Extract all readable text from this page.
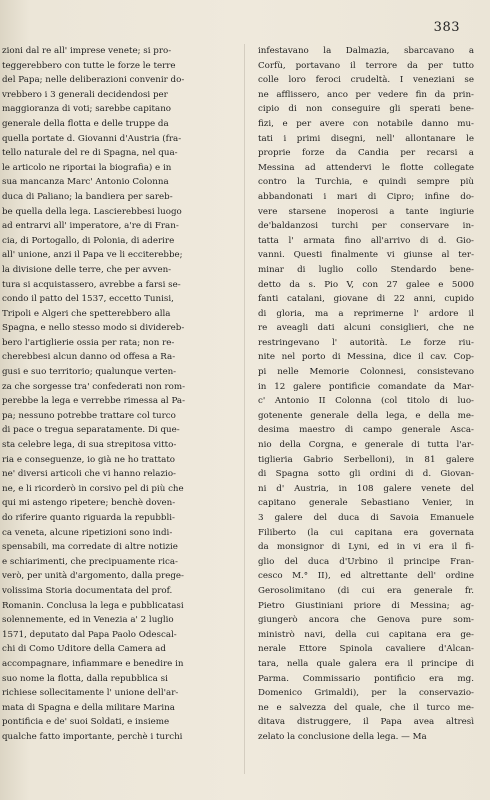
383
zioni dal re all' imprese venete; si pro-
teggerebbero con tutte le forze le terre
del Papa; nelle deliberazioni convenir do-
vrebbero i 3 generali decidendosi per
maggioranza di voti; sarebbe capitano
generale della flotta e delle truppe da
quella portate d. Giovanni d'Austria (fra-
tello naturale del re di Spagna, nel qua-
le articolo ne riportai la biografia) e in
sua mancanza Marc' Antonio Colonna
duca di Paliano; la bandiera per sareb-
be quella della lega. Lascierebbesi luogo
ad entrarvi all' imperatore, a're di Fran-
cia, di Portogallo, di Polonia, di aderire
all' unione, anzi il Papa ve li ecciterebbe;
la divisione delle terre, che per avven-
tura si acquistassero, avrebbe a farsi se-
condo il patto del 1537, eccetto Tunisi,
Tripoli e Algeri che spetterebbero alla
Spagna, e nello stesso modo si dividereb-
bero l'artiglierie ossia per rata; non re-
cherebbesi alcun danno od offesa a Ra-
gusi e suo territorio; qualunque verten-
za che sorgesse tra' confederati non rom-
perebbe la lega e verrebbe rimessa al Pa-
pa; nessuno potrebbe trattare col turco
di pace o tregua separatamente. Di que-
sta celebre lega, di sua strepitosa vitto-
ria e conseguenze, io già ne ho trattato
ne' diversi articoli che vi hanno relazio-
ne, e li ricorderò in corsivo pel di più che
qui mi astengo ripetere; benchè doven-
do riferire quanto riguarda la repubbli-
ca veneta, alcune ripetizioni sono indi-
spensabili, ma corredate di altre notizie
e schiarimenti, che precipuamente rica-
verò, per unità d'argomento, dalla prege-
volissima Storia documentata del prof.
Romanin. Conclusa la lega e pubblicatasi
solennemente, ed in Venezia a' 2 luglio
1571, deputato dal Papa Paolo Odescal-
chi di Como Uditore della Camera ad
accompagnare, infiammare e benedire in
suo nome la flotta, dalla repubblica si
richiese sollecitamente l' unione dell'ar-
mata di Spagna e della militare Marina
pontificia e de' suoi Soldati, e insieme
qualche fatto importante, perchè i turchi
infestavano la Dalmazia, sbarcavano a
Corfù, portavano il terrore da per tutto
colle loro feroci crudeltà. I veneziani se
ne afflissero, anco per vedere fin da prin-
cipio di non conseguire gli sperati bene-
fizi, e per avere con notabile danno mu-
tati i primi disegni, nell' allontanare le
proprie forze da Candia per recarsi a
Messina ad attendervi le flotte collegate
contro la Turchia, e quindi sempre più
abbandonati i mari di Cipro; infine do-
vere starsene inoperosi a tante ingiurie
de'baldanzosi turchi per conservare in-
tatta l' armata fino all'arrivo di d. Gio-
vanni. Questi finalmente vi giunse al ter-
minar di luglio collo Stendardo bene-
detto da s. Pio V, con 27 galee e 5000
fanti catalani, giovane di 22 anni, cupido
di gloria, ma a reprimerne l' ardore il
re aveagli dati alcuni consiglieri, che ne
restringevano l' autorità. Le forze riu-
nite nel porto di Messina, dice il cav. Cop-
pi nelle Memorie Colonnesi, consistevano
in 12 galere pontificie comandate da Mar-
c' Antonio II Colonna (col titolo di luo-
gotenente generale della lega, e della me-
desima maestro di campo generale Asca-
nio della Corgna, e generale di tutta l'ar-
tiglieria Gabrio Serbelloni), in 81 galere
di Spagna sotto gli ordini di d. Giovan-
ni d' Austria, in 108 galere venete del
capitano generale Sebastiano Venier, in
3 galere del duca di Savoia Emanuele
Filiberto (la cui capitana era governata
da monsignor di Lyni, ed in vi era il fi-
glio del duca d'Urbino il principe Fran-
cesco M.° II), ed altrettante dell' ordine
Gerosolimitano (di cui era generale fr.
Pietro Giustiniani priore di Messina; ag-
giungerò ancora che Genova pure som-
ministrò navi, della cui capitana era ge-
nerale Ettore Spinola cavaliere d'Alcan-
tara, nella quale galera era il principe di
Parma. Commissario pontificio era mg.
Domenico Grimaldi), per la conservazio-
ne e salvezza del quale, che il turco me-
ditava distruggere, il Papa avea altresì
zelato la conclusione della lega. — Ma
